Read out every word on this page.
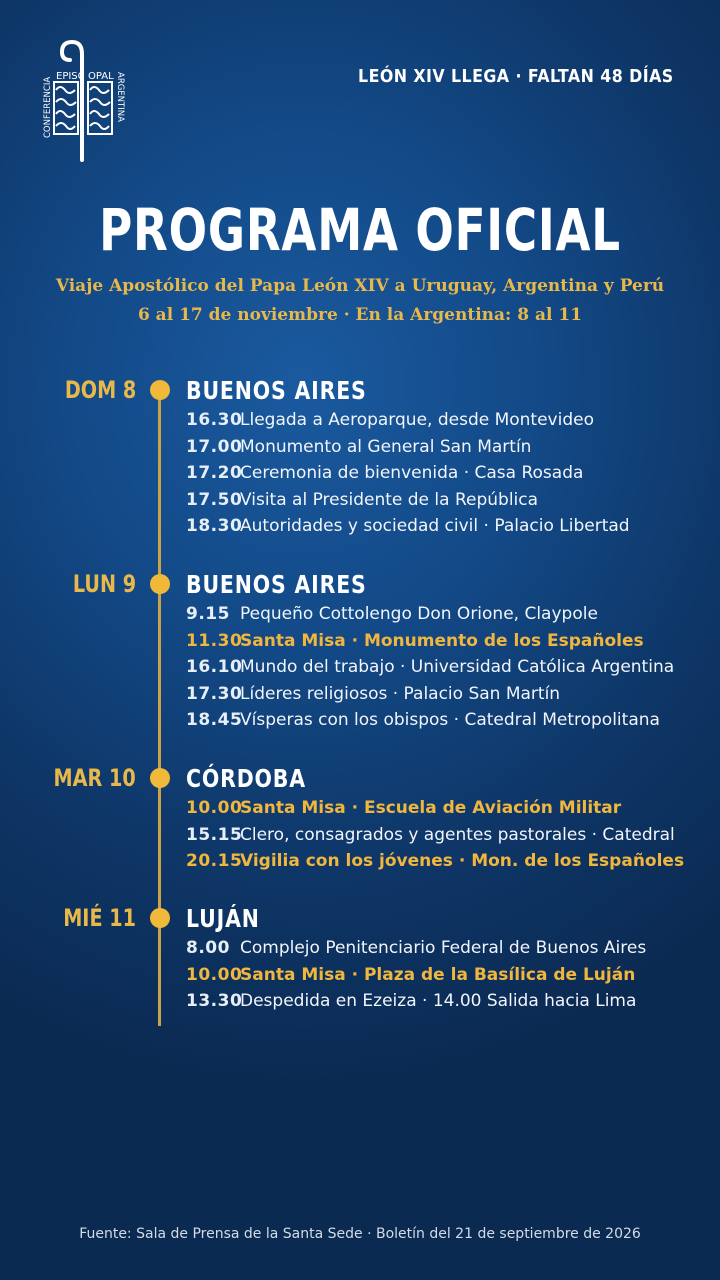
EPISC OPAL
CONFERENCIA	ARGENTINA	LEÓN XIV LLEGA · FALTAN 48 DÍAS
PROGRAMA OFICIAL
Viaje Apostólico del Papa León XIV a Uruguay, Argentina y Perú
6 al 17 de noviembre · En la Argentina: 8 al 11
DOM 8 BUENOS AIRES
16.30
Llegada a Aeroparque, desde Montevideo
17.00
Monumento al General San Martín
17.20
Ceremonia de bienvenida · Casa Rosada
17.50
Visita al Presidente de la República
18.30
Autoridades y sociedad civil · Palacio Libertad
LUN 9 BUENOS AIRES
9.15 Pequeño Cottolengo Don Orione, Claypole
11.30
Santa Misa · Monumento de los Españoles
16.10
Mundo del trabajo · Universidad Católica Argentina
17.30
Líderes religiosos · Palacio San Martín
18.45
Vísperas con los obispos · Catedral Metropolitana
MAR 10 CÓRDOBA
10.00
Santa Misa · Escuela de Aviación Militar
15.15
Clero, consagrados y agentes pastorales · Catedral
20.15
Vigilia con los jóvenes · Mon. de los Españoles
MIÉ 11 LUJÁN
8.00 Complejo Penitenciario Federal de Buenos Aires
10.00
Santa Misa · Plaza de la Basílica de Luján
13.30
Despedida en Ezeiza · 14.00 Salida hacia Lima
Fuente: Sala de Prensa de la Santa Sede · Boletín del 21 de septiembre de 2026
